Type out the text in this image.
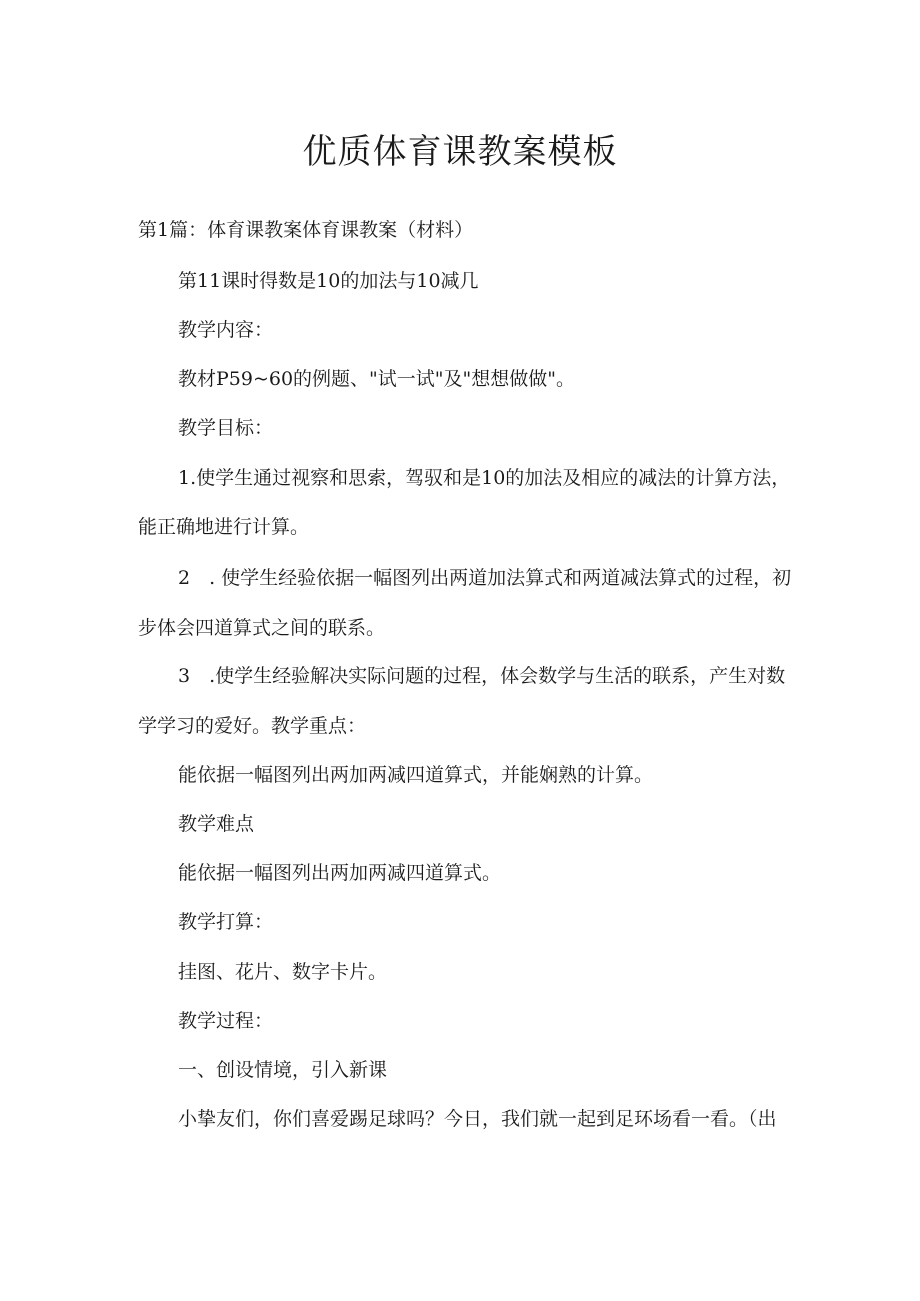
优质体育课教案模板

第1篇：体育课教案体育课教案（材料）

第11课时得数是10的加法与10减几

教学内容：

教材P59~60的例题、"试一试"及"想想做做"。

教学目标：

1.使学生通过视察和思索，驾驭和是10的加法及相应的减法的计算方法，

能正确地进行计算。

2　. 使学生经验依据一幅图列出两道加法算式和两道减法算式的过程，初

步体会四道算式之间的联系。

3　.使学生经验解决实际问题的过程，体会数学与生活的联系，产生对数

学学习的爱好。教学重点：

能依据一幅图列出两加两减四道算式，并能娴熟的计算。

教学难点

能依据一幅图列出两加两减四道算式。

教学打算：

挂图、花片、数字卡片。

教学过程：

一、创设情境，引入新课

小挚友们，你们喜爱踢足球吗？今日，我们就一起到足环场看一看。（出
